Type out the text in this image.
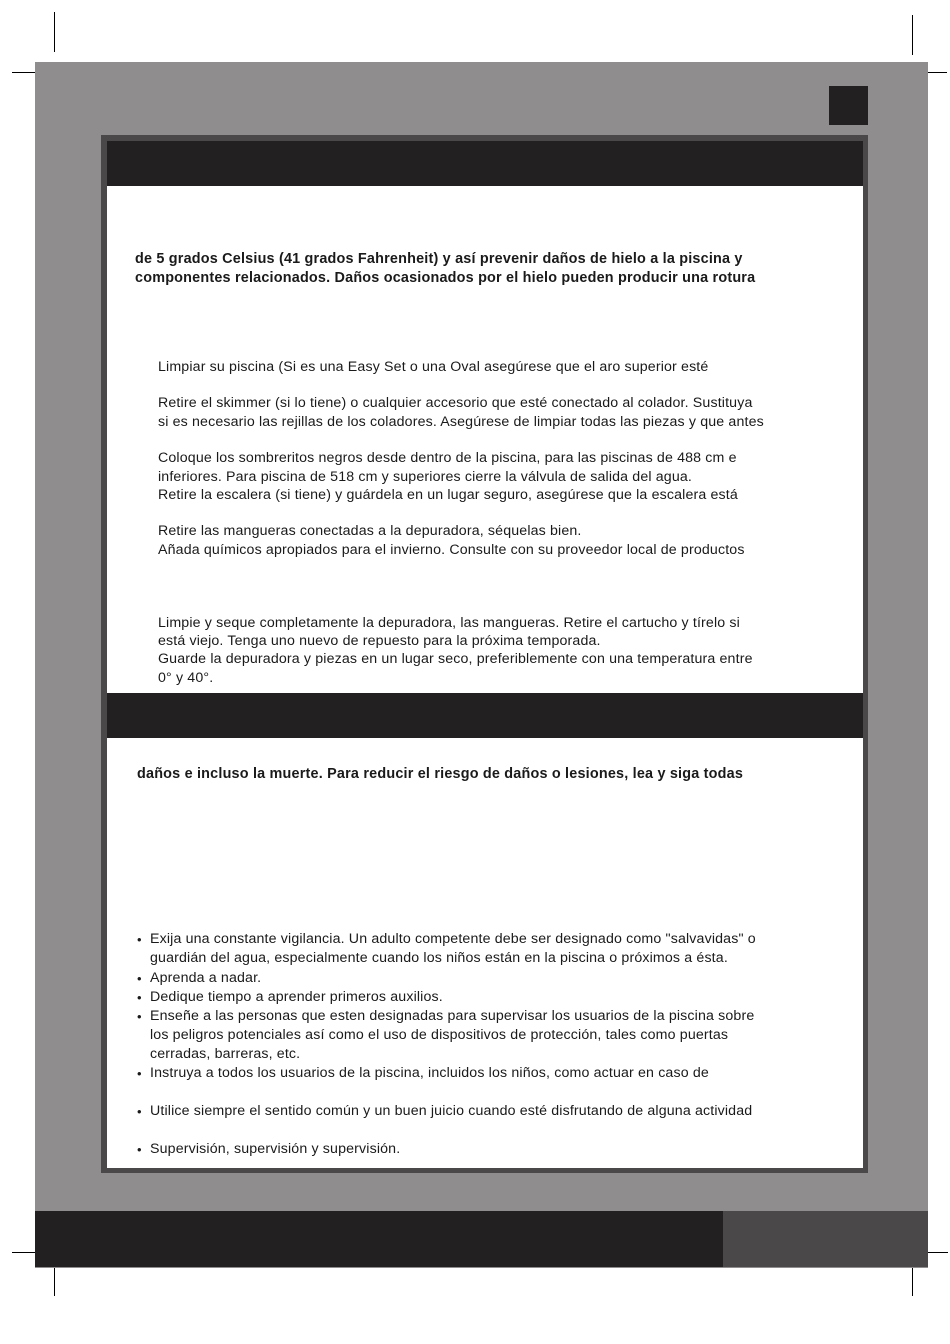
de 5 grados Celsius (41 grados Fahrenheit) y así prevenir daños de hielo a la piscina y
componentes relacionados. Daños ocasionados por el hielo pueden producir una rotura
Limpiar su piscina (Si es una Easy Set o una Oval asegúrese que el aro superior esté
Retire el skimmer (si lo tiene) o cualquier accesorio que esté conectado al colador. Sustituya
si es necesario las rejillas de los coladores. Asegúrese de limpiar todas las piezas y que antes
Coloque los sombreritos negros desde dentro de la piscina, para las piscinas de 488 cm e
inferiores. Para piscina de 518 cm y superiores cierre la válvula de salida del agua.
Retire la escalera (si tiene) y guárdela en un lugar seguro, asegúrese que la escalera está
Retire las mangueras conectadas a la depuradora, séquelas bien.
Añada químicos apropiados para el invierno. Consulte con su proveedor local de productos
Limpie y seque completamente la depuradora, las mangueras. Retire el cartucho y tírelo si
está viejo. Tenga uno nuevo de repuesto para la próxima temporada.
Guarde la depuradora y piezas en un lugar seco, preferiblemente con una temperatura entre
0° y 40°.
daños e incluso la muerte. Para reducir el riesgo de daños o lesiones, lea y siga todas
• Exija una constante vigilancia. Un adulto competente debe ser designado como "salvavidas" o
guardián del agua, especialmente cuando los niños están en la piscina o próximos a ésta.
• Aprenda a nadar.
• Dedique tiempo a aprender primeros auxilios.
• Enseñe a las personas que esten designadas para supervisar los usuarios de la piscina sobre
los peligros potenciales así como el uso de dispositivos de protección, tales como puertas
cerradas, barreras, etc.
• Instruya a todos los usuarios de la piscina, incluidos los niños, como actuar en caso de
• Utilice siempre el sentido común y un buen juicio cuando esté disfrutando de alguna actividad
• Supervisión, supervisión y supervisión.
